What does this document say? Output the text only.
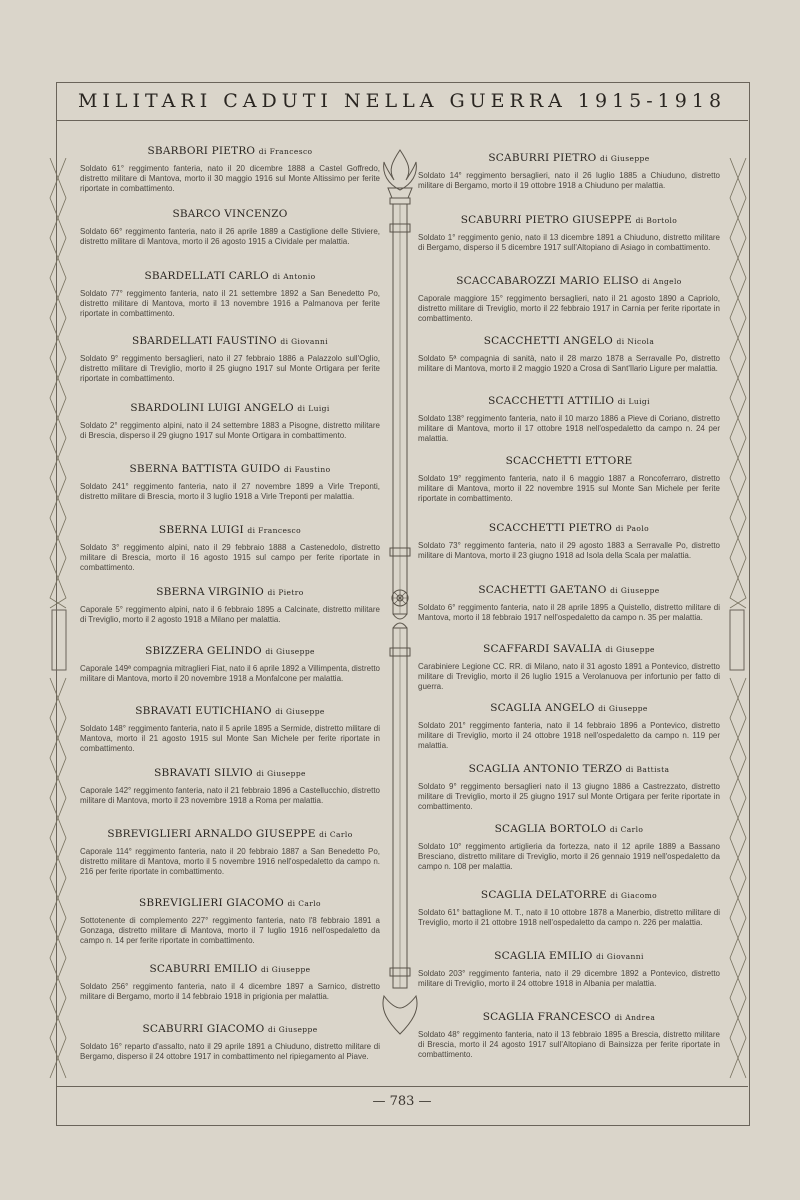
MILITARI CADUTI NELLA GUERRA 1915-1918
— 783 —
SBARBORI PIETRO di Francesco
Soldato 61° reggimento fanteria, nato il 20 dicembre 1888 a Castel Goffredo, distretto militare di Mantova, morto il 30 maggio 1916 sul Monte Altissimo per ferite riportate in combattimento.
SBARCO VINCENZO
Soldato 66° reggimento fanteria, nato il 26 aprile 1889 a Castiglione delle Stiviere, distretto militare di Mantova, morto il 26 agosto 1915 a Cividale per malattia.
SBARDELLATI CARLO di Antonio
Soldato 77° reggimento fanteria, nato il 21 settembre 1892 a San Benedetto Po, distretto militare di Mantova, morto il 13 novembre 1916 a Palmanova per ferite riportate in combattimento.
SBARDELLATI FAUSTINO di Giovanni
Soldato 9° reggimento bersaglieri, nato il 27 febbraio 1886 a Palazzolo sull'Oglio, distretto militare di Treviglio, morto il 25 giugno 1917 sul Monte Ortigara per ferite riportate in combattimento.
SBARDOLINI LUIGI ANGELO di Luigi
Soldato 2° reggimento alpini, nato il 24 settembre 1883 a Pisogne, distretto militare di Brescia, disperso il 29 giugno 1917 sul Monte Ortigara in combattimento.
SBERNA BATTISTA GUIDO di Faustino
Soldato 241° reggimento fanteria, nato il 27 novembre 1899 a Virle Treponti, distretto militare di Brescia, morto il 3 luglio 1918 a Virle Treponti per malattia.
SBERNA LUIGI di Francesco
Soldato 3° reggimento alpini, nato il 29 febbraio 1888 a Castenedolo, distretto militare di Brescia, morto il 16 agosto 1915 sul campo per ferite riportate in combattimento.
SBERNA VIRGINIO di Pietro
Caporale 5° reggimento alpini, nato il 6 febbraio 1895 a Calcinate, distretto militare di Treviglio, morto il 2 agosto 1918 a Milano per malattia.
SBIZZERA GELINDO di Giuseppe
Caporale 149ª compagnia mitraglieri Fiat, nato il 6 aprile 1892 a Villimpenta, distretto militare di Mantova, morto il 20 novembre 1918 a Monfalcone per malattia.
SBRAVATI EUTICHIANO di Giuseppe
Soldato 148° reggimento fanteria, nato il 5 aprile 1895 a Sermide, distretto militare di Mantova, morto il 21 agosto 1915 sul Monte San Michele per ferite riportate in combattimento.
SBRAVATI SILVIO di Giuseppe
Caporale 142° reggimento fanteria, nato il 21 febbraio 1896 a Castellucchio, distretto militare di Mantova, morto il 23 novembre 1918 a Roma per malattia.
SBREVIGLIERI ARNALDO GIUSEPPE di Carlo
Caporale 114° reggimento fanteria, nato il 20 febbraio 1887 a San Benedetto Po, distretto militare di Mantova, morto il 5 novembre 1916 nell'ospedaletto da campo n. 216 per ferite riportate in combattimento.
SBREVIGLIERI GIACOMO di Carlo
Sottotenente di complemento 227° reggimento fanteria, nato l'8 febbraio 1891 a Gonzaga, distretto militare di Mantova, morto il 7 luglio 1916 nell'ospedaletto da campo n. 14 per ferite riportate in combattimento.
SCABURRI EMILIO di Giuseppe
Soldato 256° reggimento fanteria, nato il 4 dicembre 1897 a Sarnico, distretto militare di Bergamo, morto il 14 febbraio 1918 in prigionia per malattia.
SCABURRI GIACOMO di Giuseppe
Soldato 16° reparto d'assalto, nato il 29 aprile 1891 a Chiuduno, distretto militare di Bergamo, disperso il 24 ottobre 1917 in combattimento nel ripiegamento al Piave.
SCABURRI PIETRO di Giuseppe
Soldato 14° reggimento bersaglieri, nato il 26 luglio 1885 a Chiuduno, distretto militare di Bergamo, morto il 19 ottobre 1918 a Chiuduno per malattia.
SCABURRI PIETRO GIUSEPPE di Bortolo
Soldato 1° reggimento genio, nato il 13 dicembre 1891 a Chiuduno, distretto militare di Bergamo, disperso il 5 dicembre 1917 sull'Altopiano di Asiago in combattimento.
SCACCABAROZZI MARIO ELISO di Angelo
Caporale maggiore 15° reggimento bersaglieri, nato il 21 agosto 1890 a Capriolo, distretto militare di Treviglio, morto il 22 febbraio 1917 in Carnia per ferite riportate in combattimento.
SCACCHETTI ANGELO di Nicola
Soldato 5ª compagnia di sanità, nato il 28 marzo 1878 a Serravalle Po, distretto militare di Mantova, morto il 2 maggio 1920 a Crosa di Sant'Ilario Ligure per malattia.
SCACCHETTI ATTILIO di Luigi
Soldato 138° reggimento fanteria, nato il 10 marzo 1886 a Pieve di Coriano, distretto militare di Mantova, morto il 17 ottobre 1918 nell'ospedaletto da campo n. 24 per malattia.
SCACCHETTI ETTORE
Soldato 19° reggimento fanteria, nato il 6 maggio 1887 a Roncoferraro, distretto militare di Mantova, morto il 22 novembre 1915 sul Monte San Michele per ferite riportate in combattimento.
SCACCHETTI PIETRO di Paolo
Soldato 73° reggimento fanteria, nato il 29 agosto 1883 a Serravalle Po, distretto militare di Mantova, morto il 23 giugno 1918 ad Isola della Scala per malattia.
SCACHETTI GAETANO di Giuseppe
Soldato 6° reggimento fanteria, nato il 28 aprile 1895 a Quistello, distretto militare di Mantova, morto il 18 febbraio 1917 nell'ospedaletto da campo n. 35 per malattia.
SCAFFARDI SAVALIA di Giuseppe
Carabiniere Legione CC. RR. di Milano, nato il 31 agosto 1891 a Pontevico, distretto militare di Treviglio, morto il 26 luglio 1915 a Verolanuova per infortunio per fatto di guerra.
SCAGLIA ANGELO di Giuseppe
Soldato 201° reggimento fanteria, nato il 14 febbraio 1896 a Pontevico, distretto militare di Treviglio, morto il 24 ottobre 1918 nell'ospedaletto da campo n. 119 per malattia.
SCAGLIA ANTONIO TERZO di Battista
Soldato 9° reggimento bersaglieri nato il 13 giugno 1886 a Castrezzato, distretto militare di Treviglio, morto il 25 giugno 1917 sul Monte Ortigara per ferite riportate in combattimento.
SCAGLIA BORTOLO di Carlo
Soldato 10° reggimento artiglieria da fortezza, nato il 12 aprile 1889 a Bassano Bresciano, distretto militare di Treviglio, morto il 26 gennaio 1919 nell'ospedaletto da campo n. 108 per malattia.
SCAGLIA DELATORRE di Giacomo
Soldato 61° battaglione M. T., nato il 10 ottobre 1878 a Manerbio, distretto militare di Treviglio, morto il 21 ottobre 1918 nell'ospedaletto da campo n. 226 per malattia.
SCAGLIA EMILIO di Giovanni
Soldato 203° reggimento fanteria, nato il 29 dicembre 1892 a Pontevico, distretto militare di Treviglio, morto il 24 ottobre 1918 in Albania per malattia.
SCAGLIA FRANCESCO di Andrea
Soldato 48° reggimento fanteria, nato il 13 febbraio 1895 a Brescia, distretto militare di Brescia, morto il 24 agosto 1917 sull'Altopiano di Bainsizza per ferite riportate in combattimento.
